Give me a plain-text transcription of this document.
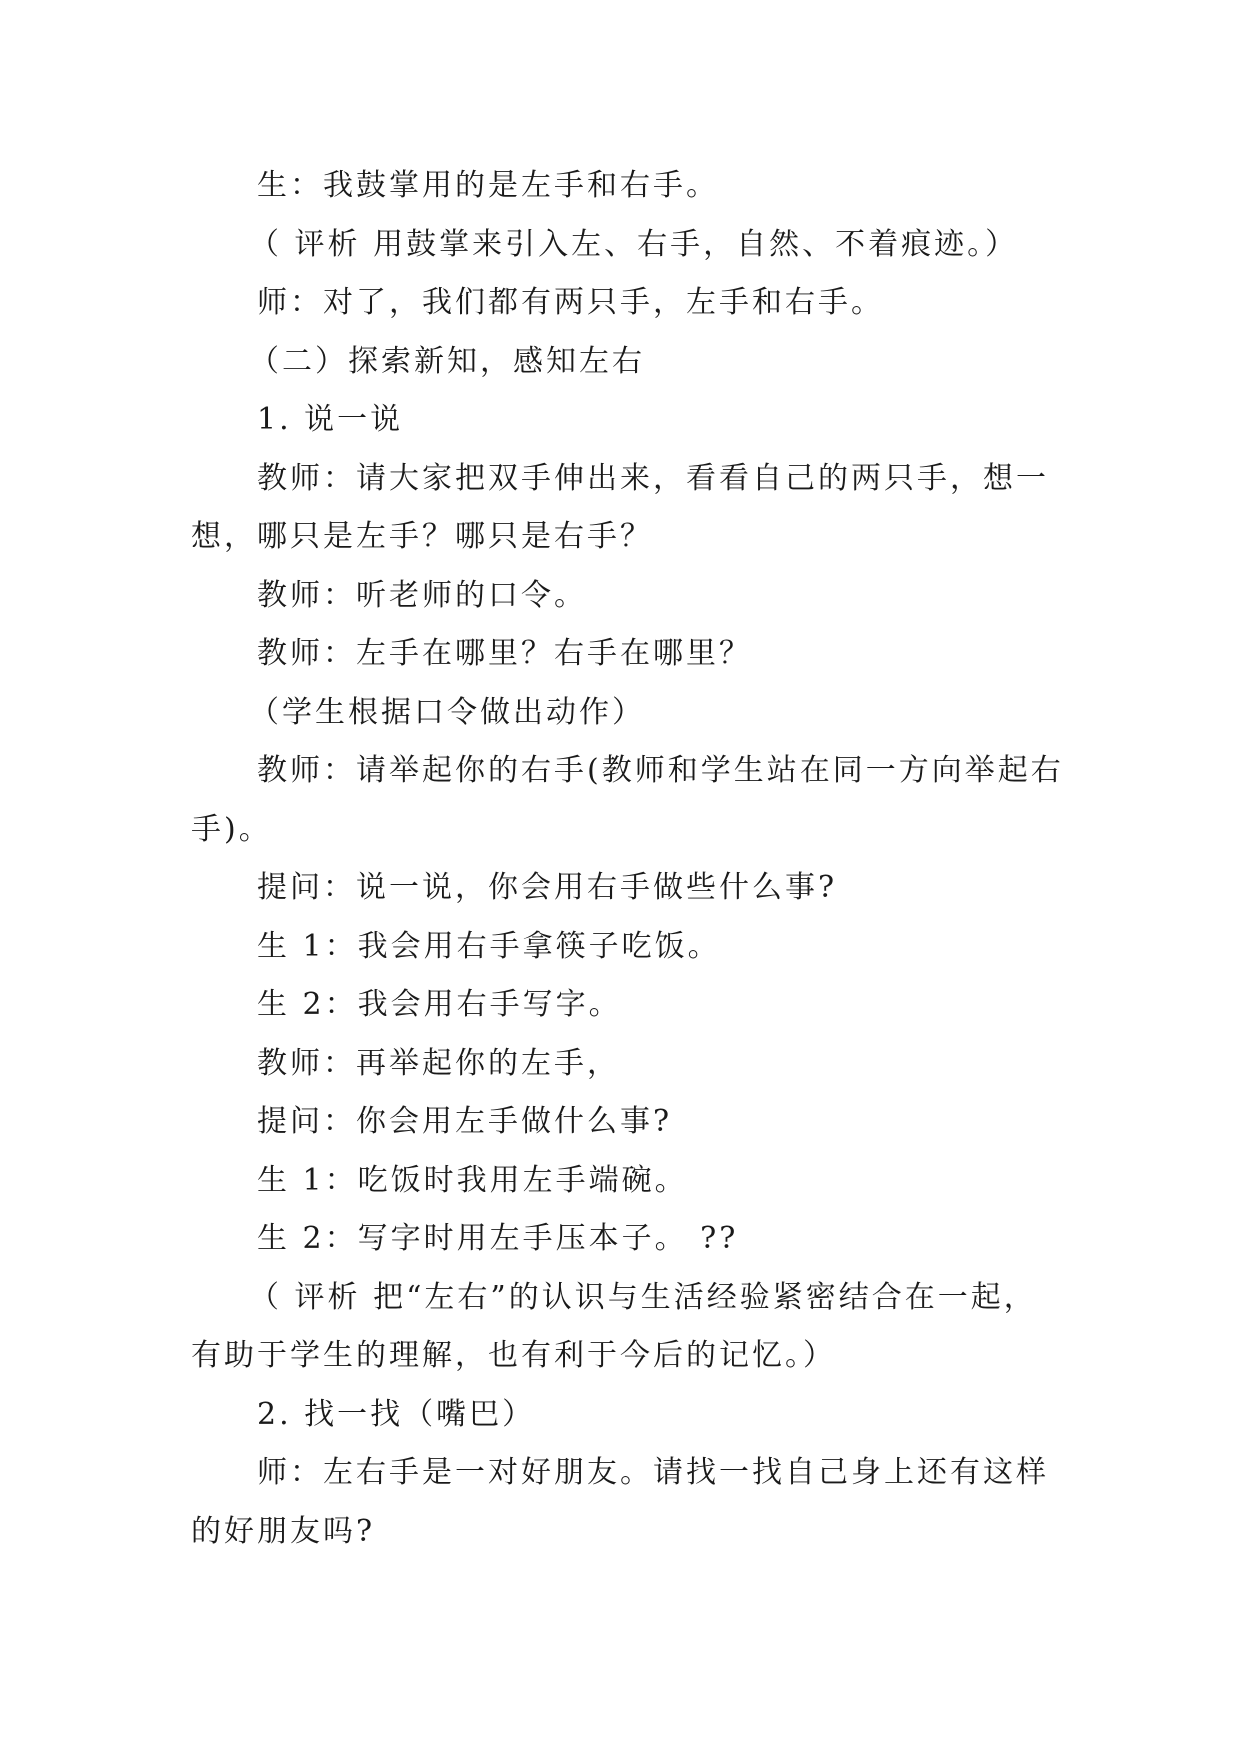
生：我鼓掌用的是左手和右手。

（ 评析 用鼓掌来引入左、右手，自然、不着痕迹。）

师：对了，我们都有两只手，左手和右手。

（二）探索新知，感知左右

1. 说一说

教师：请大家把双手伸出来，看看自己的两只手，想一想，哪只是左手？哪只是右手？

教师：听老师的口令。

教师：左手在哪里？右手在哪里？

（学生根据口令做出动作）

教师：请举起你的右手(教师和学生站在同一方向举起右手)。

提问：说一说，你会用右手做些什么事?

生 1：我会用右手拿筷子吃饭。

生 2：我会用右手写字。

教师：再举起你的左手，

提问：你会用左手做什么事?

生 1：吃饭时我用左手端碗。

生 2：写字时用左手压本子。 ??

（ 评析 把“左右”的认识与生活经验紧密结合在一起，有助于学生的理解，也有利于今后的记忆。）

2. 找一找（嘴巴）

师：左右手是一对好朋友。请找一找自己身上还有这样的好朋友吗?
